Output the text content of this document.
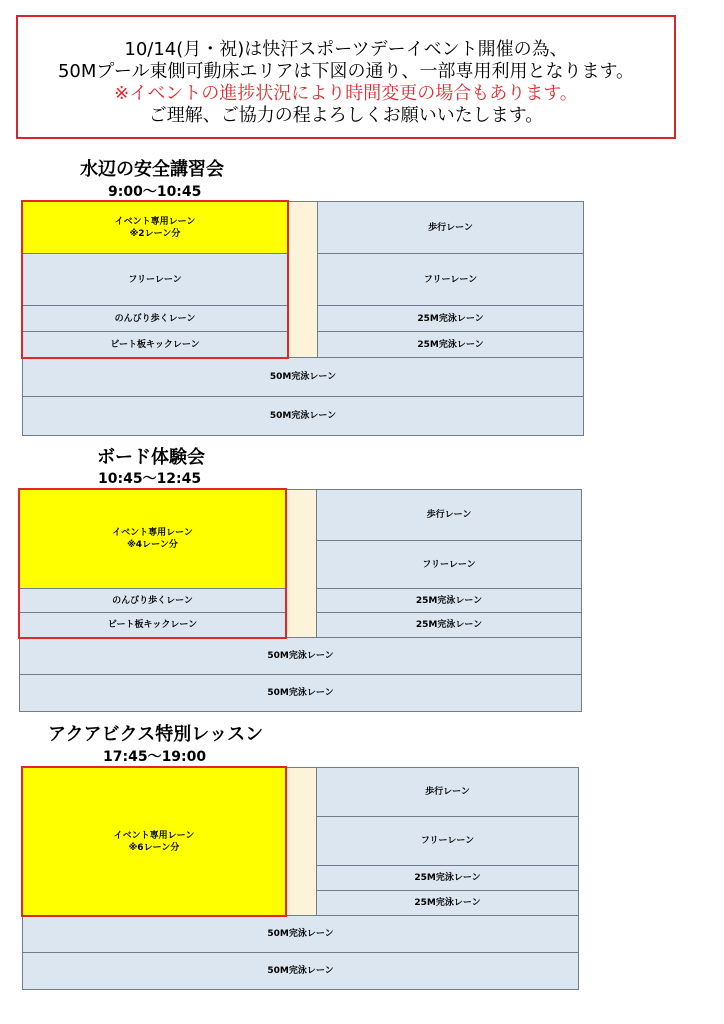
10/14(月・祝)は快汗スポーツデーイベント開催の為、
50Mプール東側可動床エリアは下図の通り、一部専用利用となります。
※イベントの進捗状況により時間変更の場合もあります。
ご理解、ご協力の程よろしくお願いいたします。
水辺の安全講習会
9:00〜10:45
イベント専用レーン
※2レーン分
フリーレーン
のんびり歩くレーン
ビート板キックレーン
歩行レーン
フリーレーン
25M完泳レーン
25M完泳レーン
50M完泳レーン
50M完泳レーン
ボード体験会
10:45〜12:45
イベント専用レーン
※4レーン分
のんびり歩くレーン
ビート板キックレーン
歩行レーン
フリーレーン
25M完泳レーン
25M完泳レーン
50M完泳レーン
50M完泳レーン
アクアビクス特別レッスン
17:45〜19:00
イベント専用レーン
※6レーン分
歩行レーン
フリーレーン
25M完泳レーン
25M完泳レーン
50M完泳レーン
50M完泳レーン
